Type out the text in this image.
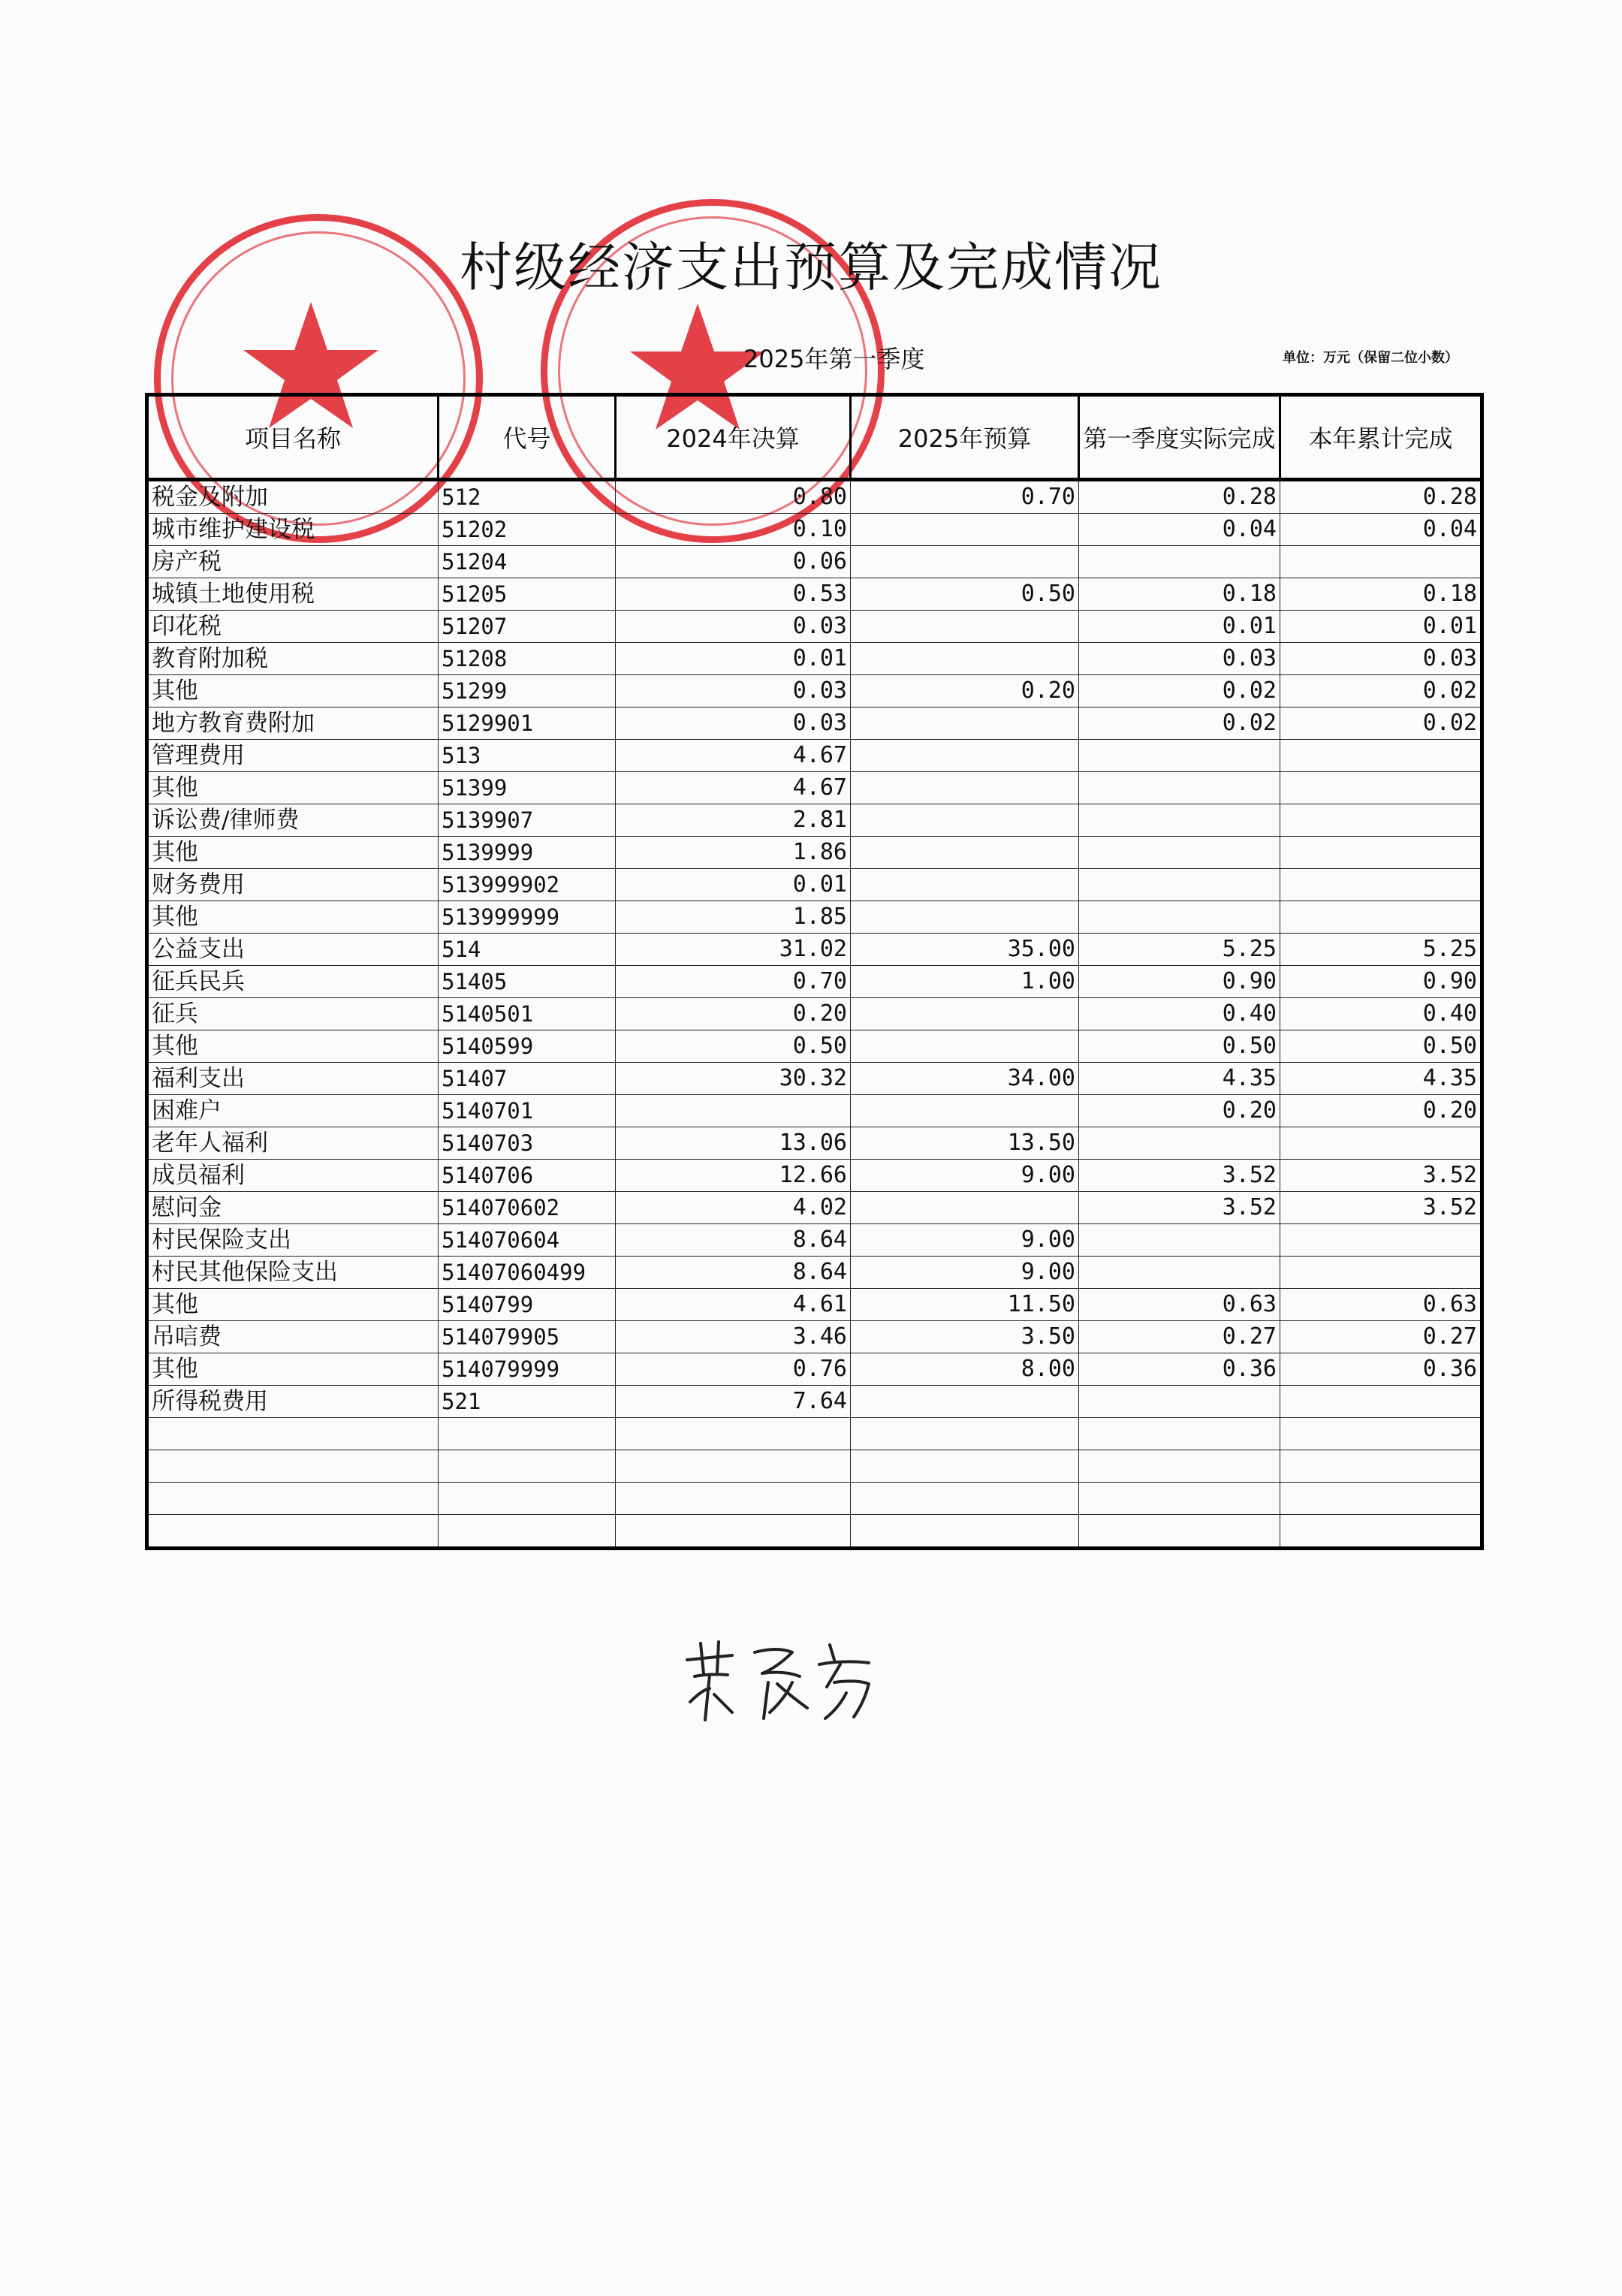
村级经济支出预算及完成情况
2025年第一季度	单位：万元（保留二位小数）
项目名称	代号	2024年决算	2025年预算	第一季度实际完成	本年累计完成
税金及附加	512	0.80	0.70	0.28	0.28
城市维护建设税	51202	0.10		0.04	0.04
房产税	51204	0.06			
城镇土地使用税	51205	0.53	0.50	0.18	0.18
印花税	51207	0.03		0.01	0.01
教育附加税	51208	0.01		0.03	0.03
其他	51299	0.03	0.20	0.02	0.02
地方教育费附加	5129901	0.03		0.02	0.02
管理费用	513	4.67			
其他	51399	4.67			
诉讼费/律师费	5139907	2.81			
其他	5139999	1.86			
财务费用	513999902	0.01			
其他	513999999	1.85			
公益支出	514	31.02	35.00	5.25	5.25
征兵民兵	51405	0.70	1.00	0.90	0.90
征兵	5140501	0.20		0.40	0.40
其他	5140599	0.50		0.50	0.50
福利支出	51407	30.32	34.00	4.35	4.35
困难户	5140701			0.20	0.20
老年人福利	5140703	13.06	13.50		
成员福利	5140706	12.66	9.00	3.52	3.52
慰问金	514070602	4.02		3.52	3.52
村民保险支出	514070604	8.64	9.00		
村民其他保险支出	51407060499	8.64	9.00		
其他	5140799	4.61	11.50	0.63	0.63
吊唁费	514079905	3.46	3.50	0.27	0.27
其他	514079999	0.76	8.00	0.36	0.36
所得税费用	521	7.64			
